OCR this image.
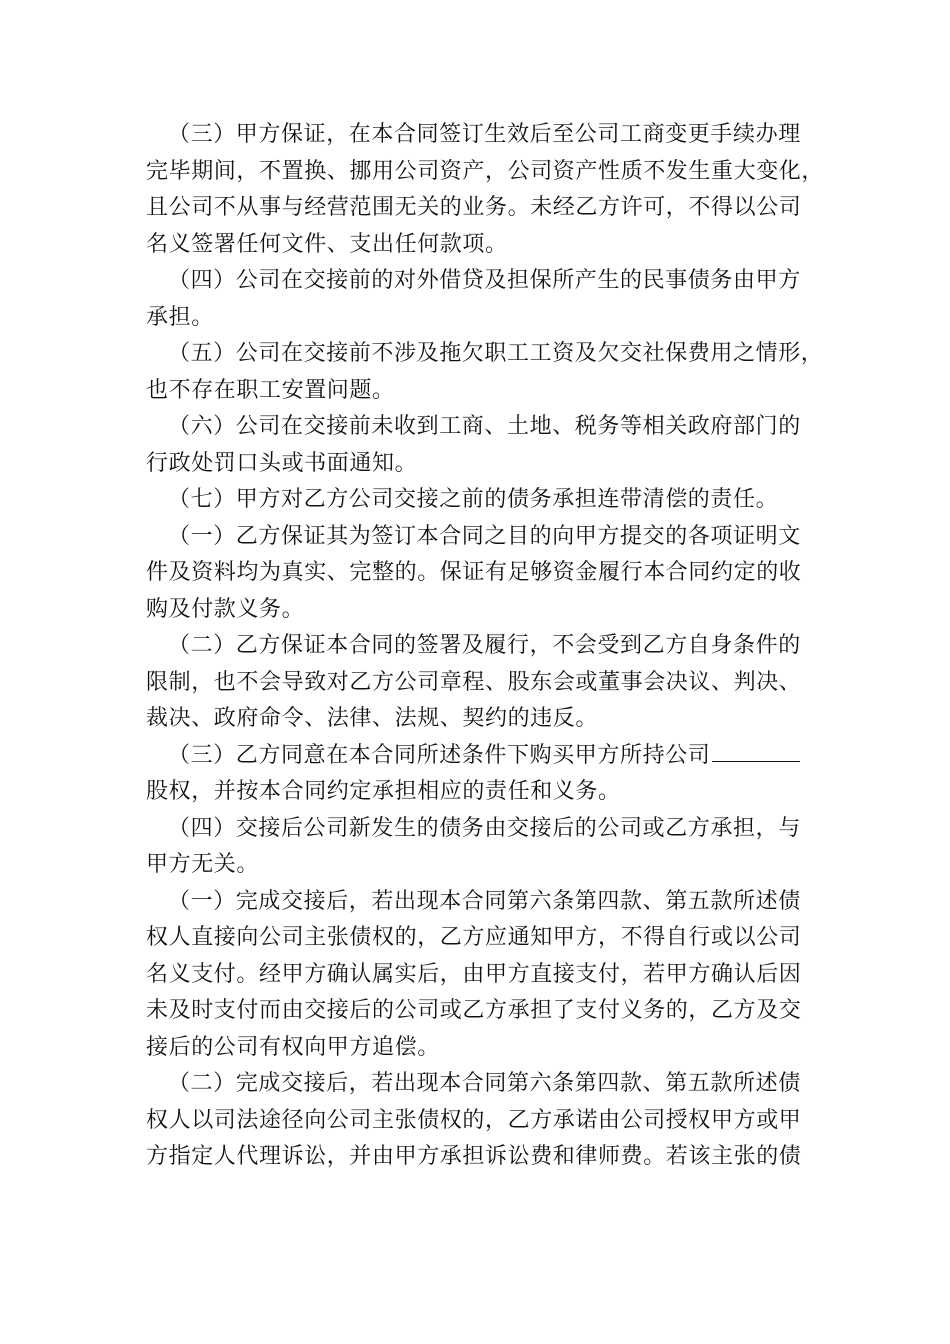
（三）甲方保证，在本合同签订生效后至公司工商变更手续办理
完毕期间，不置换、挪用公司资产，公司资产性质不发生重大变化，
且公司不从事与经营范围无关的业务。未经乙方许可，不得以公司
名义签署任何文件、支出任何款项。
（四）公司在交接前的对外借贷及担保所产生的民事债务由甲方
承担。
（五）公司在交接前不涉及拖欠职工工资及欠交社保费用之情形，
也不存在职工安置问题。
（六）公司在交接前未收到工商、土地、税务等相关政府部门的
行政处罚口头或书面通知。
（七）甲方对乙方公司交接之前的债务承担连带清偿的责任。
（一）乙方保证其为签订本合同之目的向甲方提交的各项证明文
件及资料均为真实、完整的。保证有足够资金履行本合同约定的收
购及付款义务。
（二）乙方保证本合同的签署及履行，不会受到乙方自身条件的
限制，也不会导致对乙方公司章程、股东会或董事会决议、判决、
裁决、政府命令、法律、法规、契约的违反。
（三）乙方同意在本合同所述条件下购买甲方所持公司
股权，并按本合同约定承担相应的责任和义务。
（四）交接后公司新发生的债务由交接后的公司或乙方承担，与
甲方无关。
（一）完成交接后，若出现本合同第六条第四款、第五款所述债
权人直接向公司主张债权的，乙方应通知甲方，不得自行或以公司
名义支付。经甲方确认属实后，由甲方直接支付，若甲方确认后因
未及时支付而由交接后的公司或乙方承担了支付义务的，乙方及交
接后的公司有权向甲方追偿。
（二）完成交接后，若出现本合同第六条第四款、第五款所述债
权人以司法途径向公司主张债权的，乙方承诺由公司授权甲方或甲
方指定人代理诉讼，并由甲方承担诉讼费和律师费。若该主张的债
